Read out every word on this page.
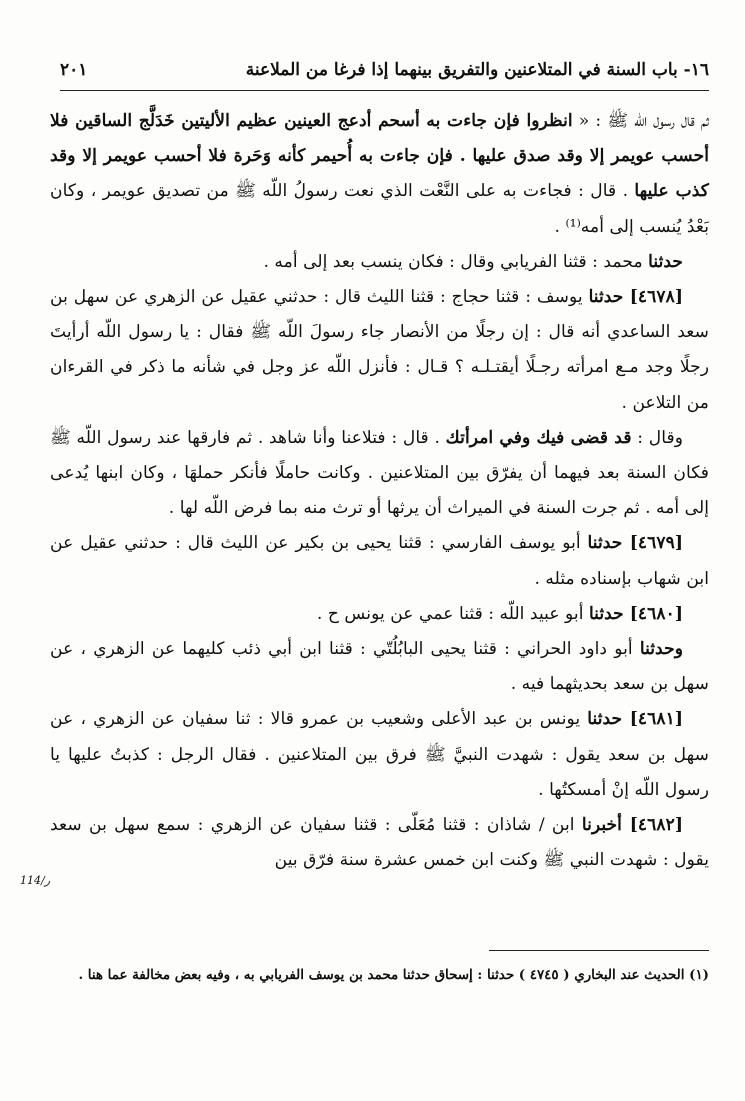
١٦- باب السنة في المتلاعنين والتفريق بينهما إذا فرغا من الملاعنة
٢٠١

ثم قال رسول الله ﷺ : « انظروا فإن جاءت به أسحم أدعج العينين عظيم الأليتين خَدَلَّج الساقين فلا أحسب عويمر إلا وقد صدق عليها . فإن جاءت به أُحيمر كأنه وَحَرة فلا أحسب عويمر إلا وقد كذب عليها . قال : فجاءت به على النَّعْت الذي نعت رسولُ اللّه ﷺ من تصديق عويمر ، وكان بَعْدُ يُنسب إلى أمه⁽¹⁾ .

حدثنا محمد : قثنا الفريابي وقال : فكان ينسب بعد إلى أمه .

[٤٦٧٨] حدثنا يوسف : قثنا حجاج : قثنا الليث قال : حدثني عقيل عن الزهري عن سهل بن سعد الساعدي أنه قال : إن رجلًا من الأنصار جاء رسولَ اللّه ﷺ فقال : يا رسول اللّه أرأيتَ رجلًا وجد مـع امرأته رجـلًا أيقتـلـه ؟ قـال : فأنزل اللّه عز وجل في شأنه ما ذكر في القرءان من التلاعن .

وقال : قد قضى فيك وفي امرأتك . قال : فتلاعنا وأنا شاهد . ثم فارقها عند رسول اللّه ﷺ فكان السنة بعد فيهما أن يفرّق بين المتلاعنين . وكانت حاملًا فأنكر حملهَا ، وكان ابنها يُدعى إلى أمه . ثم جرت السنة في الميراث أن يرثها أو ترث منه بما فرض اللّه لها .

[٤٦٧٩] حدثنا أبو يوسف الفارسي : قثنا يحيى بن بكير عن الليث قال : حدثني عقيل عن ابن شهاب بإسناده مثله .

[٤٦٨٠] حدثنا أبو عبيد اللّه : قثنا عمي عن يونس ح .

وحدثنا أبو داود الحراني : قثنا يحيى البابُلُتّي : قثنا ابن أبي ذئب كليهما عن الزهري ، عن سهل بن سعد بحديثهما فيه .

[٤٦٨١] حدثنا يونس بن عبد الأعلى وشعيب بن عمرو قالا : ثنا سفيان عن الزهري ، عن سهل بن سعد يقول : شهدت النبيَّ ﷺ فرق بين المتلاعنين . فقال الرجل : كذبتُ عليها يا رسول اللّه إنْ أمسكتُها .

[٤٦٨٢] أخبرنا ابن / شاذان : قثنا مُعَلّى : قثنا سفيان عن الزهري : سمع سهل بن سعد يقول : شهدت النبي ﷺ وكنت ابن خمس عشرة سنة فرّق بين

ر/114
(١) الحديث عند البخاري ( ٤٧٤٥ ) حدثنا : إسحاق حدثنا محمد بن يوسف الفريابي به ، وفيه بعض مخالفة عما هنا .
